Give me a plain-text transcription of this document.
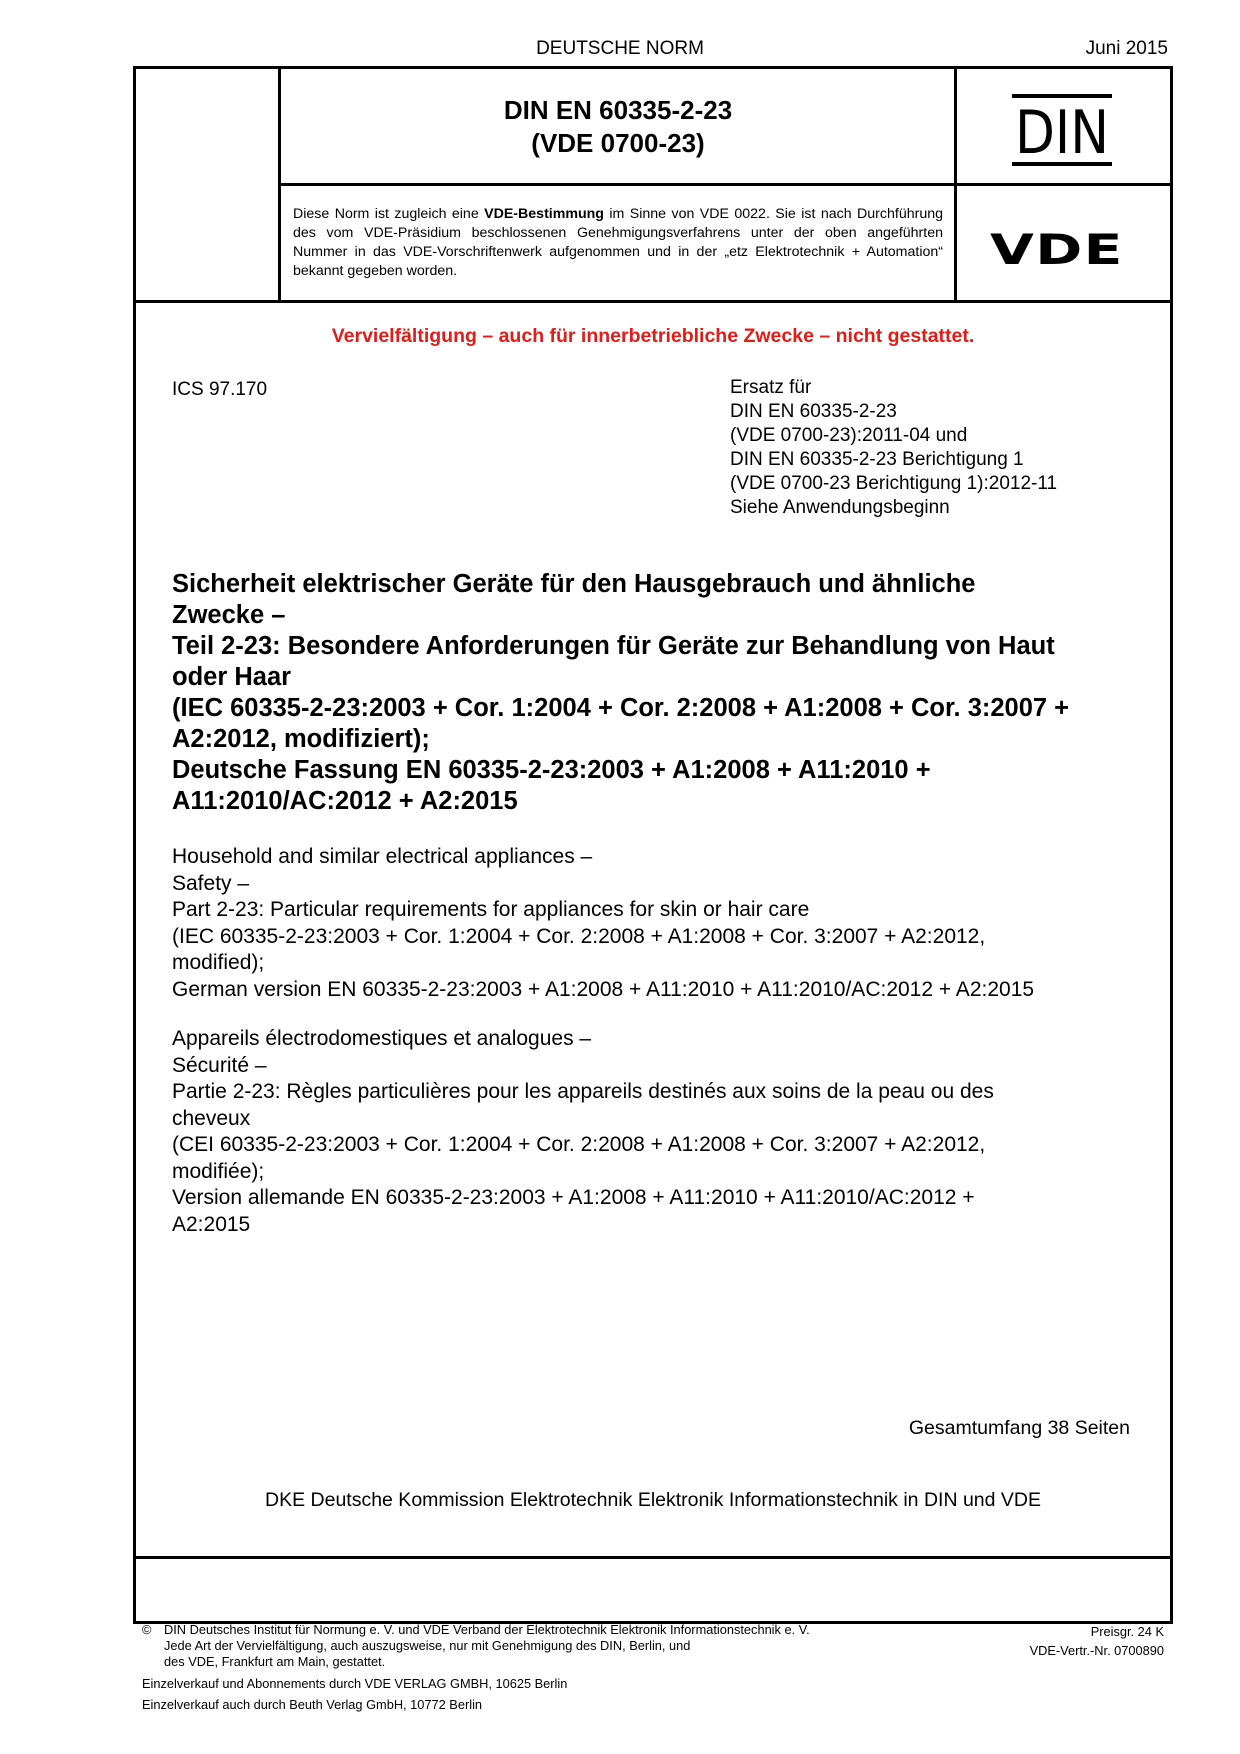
DEUTSCHE NORM	Juni 2015
DIN EN 60335-2-23
(VDE 0700-23)	DIN
VDE
Diese Norm ist zugleich eine VDE-Bestimmung im Sinne von VDE 0022. Sie ist nach Durchführung des vom VDE-Präsidium beschlossenen Genehmigungsverfahrens unter der oben angeführten Nummer in das VDE-Vorschriftenwerk aufgenommen und in der „etz Elektrotechnik + Automation“ bekannt gegeben worden.
Vervielfältigung – auch für innerbetriebliche Zwecke – nicht gestattet.
ICS 97.170	Ersatz für
DIN EN 60335-2-23
(VDE 0700-23):2011-04 und
DIN EN 60335-2-23 Berichtigung 1
(VDE 0700-23 Berichtigung 1):2012-11
Siehe Anwendungsbeginn
Sicherheit elektrischer Geräte für den Hausgebrauch und ähnliche
Zwecke –
Teil 2-23: Besondere Anforderungen für Geräte zur Behandlung von Haut
oder Haar
(IEC 60335-2-23:2003 + Cor. 1:2004 + Cor. 2:2008 + A1:2008 + Cor. 3:2007 +
A2:2012, modifiziert);
Deutsche Fassung EN 60335-2-23:2003 + A1:2008 + A11:2010 +
A11:2010/AC:2012 + A2:2015
Household and similar electrical appliances –
Safety –
Part 2-23: Particular requirements for appliances for skin or hair care
(IEC 60335-2-23:2003 + Cor. 1:2004 + Cor. 2:2008 + A1:2008 + Cor. 3:2007 + A2:2012,
modified);
German version EN 60335-2-23:2003 + A1:2008 + A11:2010 + A11:2010/AC:2012 + A2:2015
Appareils électrodomestiques et analogues –
Sécurité –
Partie 2-23: Règles particulières pour les appareils destinés aux soins de la peau ou des
cheveux
(CEI 60335-2-23:2003 + Cor. 1:2004 + Cor. 2:2008 + A1:2008 + Cor. 3:2007 + A2:2012,
modifiée);
Version allemande EN 60335-2-23:2003 + A1:2008 + A11:2010 + A11:2010/AC:2012 +
A2:2015
Gesamtumfang 38 Seiten
DKE Deutsche Kommission Elektrotechnik Elektronik Informationstechnik in DIN und VDE
© DIN Deutsches Institut für Normung e. V. und VDE Verband der Elektrotechnik Elektronik Informationstechnik e. V.
Jede Art der Vervielfältigung, auch auszugsweise, nur mit Genehmigung des DIN, Berlin, und
des VDE, Frankfurt am Main, gestattet.
Preisgr. 24 K
VDE-Vertr.-Nr. 0700890
Einzelverkauf und Abonnements durch VDE VERLAG GMBH, 10625 Berlin
Einzelverkauf auch durch Beuth Verlag GmbH, 10772 Berlin
